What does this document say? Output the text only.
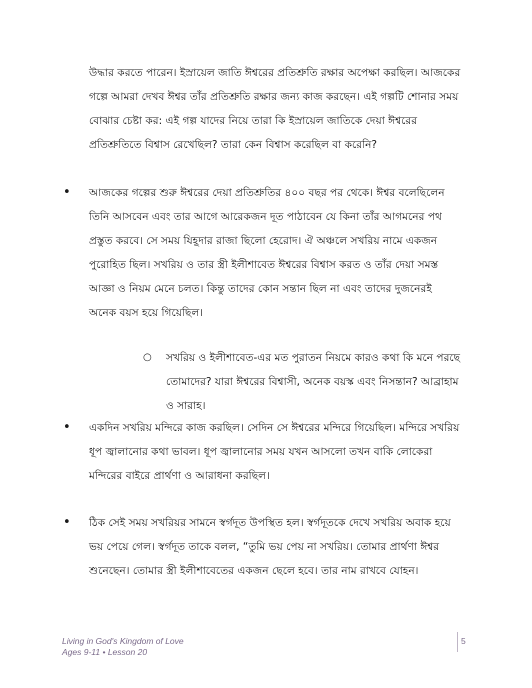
উদ্ধার করতে পারেন। ইস্রায়েল জাতি ঈশ্বরের প্রতিশ্রুতি রক্ষার অপেক্ষা করছিল। আজকের গল্পে আমরা দেখব ঈশ্বর তাঁর প্রতিশ্রুতি রক্ষার জন্য কাজ করছেন। এই গল্পটি শোনার সময় বোঝার চেষ্টা কর: এই গল্প যাদের নিয়ে তারা কি ইস্রায়েল জাতিকে দেয়া ঈশ্বরের প্রতিশ্রুতিতে বিশ্বাস রেখেছিল? তারা কেন বিশ্বাস করেছিল বা করেনি?

• আজকের গল্পের শুরু ঈশ্বরের দেয়া প্রতিশ্রুতির ৪০০ বছর পর থেকে। ঈশ্বর বলেছিলেন তিনি আসবেন এবং তার আগে আরেকজন দূত পাঠাবেন যে কিনা তাঁর আগমনের পথ প্রস্তুত করবে। সে সময় যিহূদার রাজা ছিলো হেরোদ। ঐ অঞ্চলে সখরিয় নামে একজন পুরোহিত ছিল। সখরিয় ও তার স্ত্রী ইলীশাবেত ঈশ্বরের বিশ্বাস করত ও তাঁর দেয়া সমস্ত আজ্ঞা ও নিয়ম মেনে চলত। কিন্তু তাদের কোন সন্তান ছিল না এবং তাদের দুজনেরই অনেক বয়স হয়ে গিয়েছিল।

○ সখরিয় ও ইলীশাবেত-এর মত পুরাতন নিয়মে কারও কথা কি মনে পরছে তোমাদের? যারা ঈশ্বরের বিশ্বাসী, অনেক বয়স্ক এবং নিসন্তান? আব্রাহাম ও সারাহ।

• একদিন সখরিয় মন্দিরে কাজ করছিল। সেদিন সে ঈশ্বরের মন্দিরে গিয়েছিল। মন্দিরে সখরিয় ধূপ জ্বালানোর কথা ভাবল। ধূপ জ্বালানোর সময় যখন আসলো তখন বাকি লোকেরা মন্দিরের বাইরে প্রার্থণা ও আরাধনা করছিল।

• ঠিক সেই সময় সখরিয়র সামনে স্বর্গদূত উপস্থিত হল। স্বর্গদূতকে দেখে সখরিয় অবাক হয়ে ভয় পেয়ে গেল। স্বর্গদূত তাকে বলল, “তুমি ভয় পেয় না সখরিয়। তোমার প্রার্থণা ঈশ্বর শুনেছেন। তোমার স্ত্রী ইলীশাবেতের একজন ছেলে হবে। তার নাম রাখবে যোহন।

Living in God's Kingdom of Love
Ages 9-11 • Lesson 20
5
